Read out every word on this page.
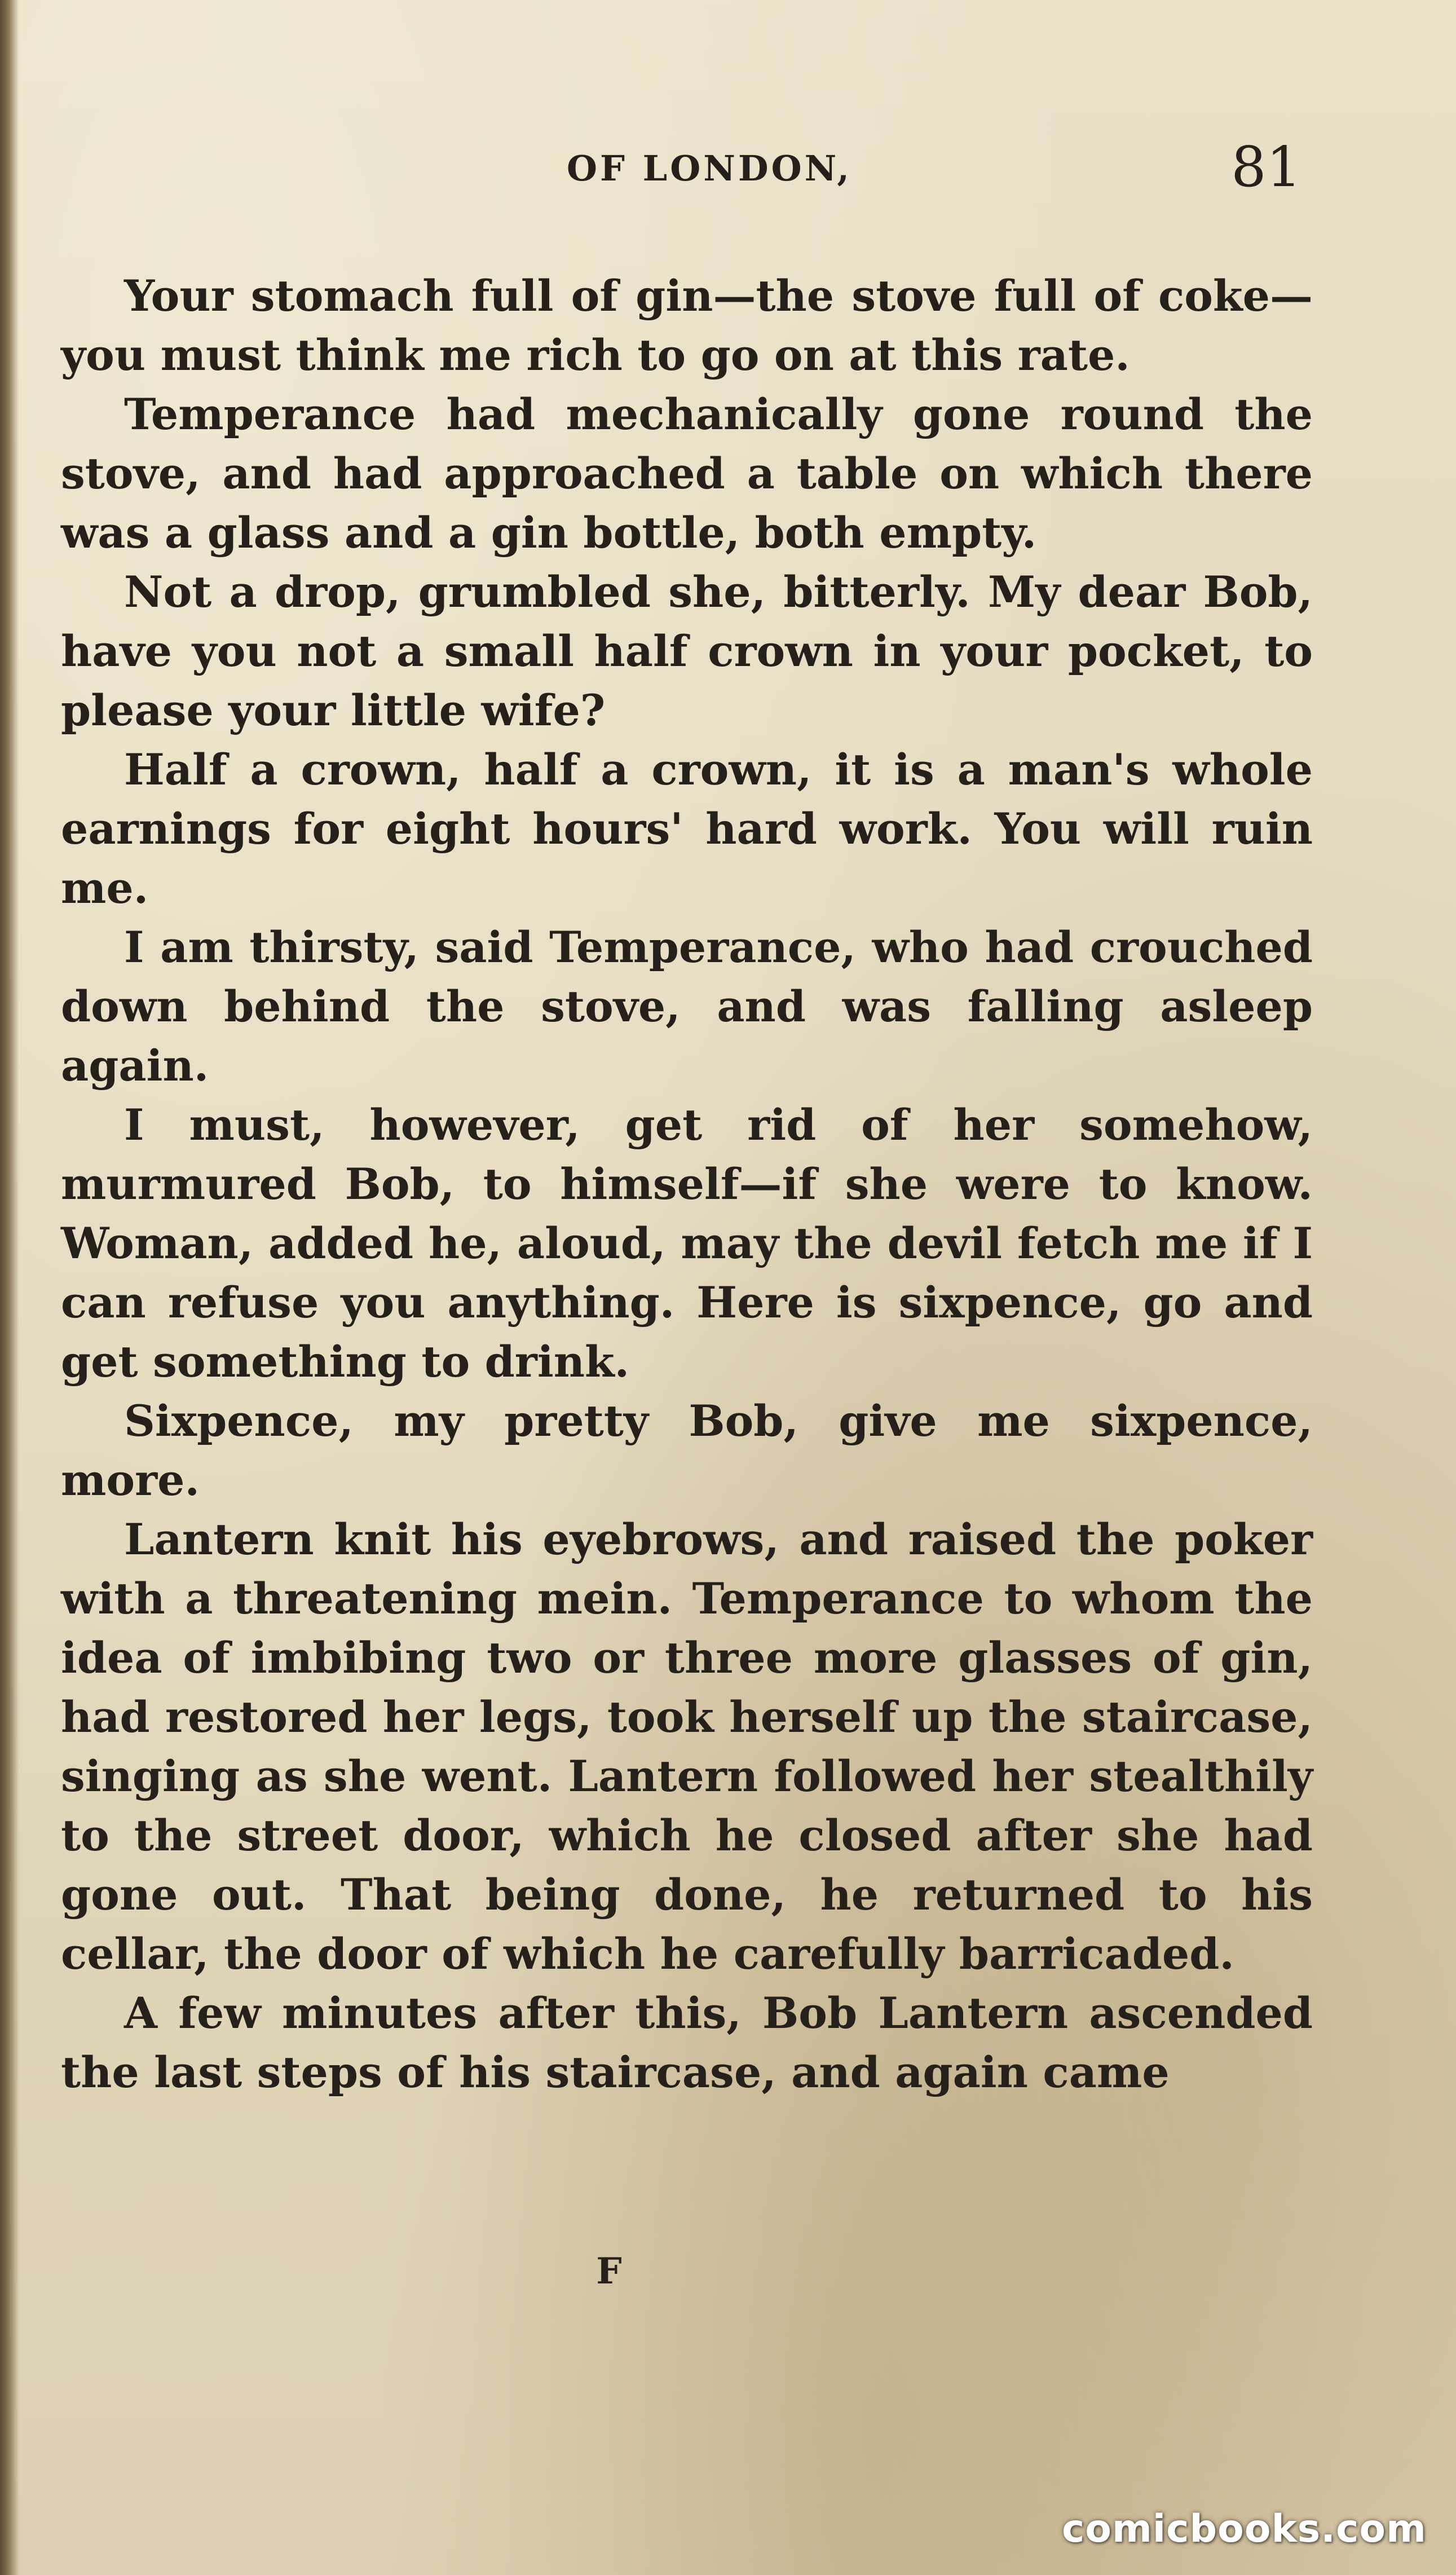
OF LONDON,	81

Your stomach full of gin—the stove full of coke—you must think me rich to go on at this rate.

Temperance had mechanically gone round the stove, and had approached a table on which there was a glass and a gin bottle, both empty.

Not a drop, grumbled she, bitterly. My dear Bob, have you not a small half crown in your pocket, to please your little wife?

Half a crown, half a crown, it is a man's whole earnings for eight hours' hard work. You will ruin me.

I am thirsty, said Temperance, who had crouched down behind the stove, and was falling asleep again.

I must, however, get rid of her somehow, murmured Bob, to himself—if she were to know. Woman, added he, aloud, may the devil fetch me if I can refuse you anything. Here is sixpence, go and get something to drink.

Sixpence, my pretty Bob, give me sixpence, more.

Lantern knit his eyebrows, and raised the poker with a threatening mein. Temperance to whom the idea of imbibing two or three more glasses of gin, had restored her legs, took herself up the staircase, singing as she went. Lantern followed her stealthily to the street door, which he closed after she had gone out. That being done, he returned to his cellar, the door of which he carefully barricaded.

A few minutes after this, Bob Lantern ascended the last steps of his staircase, and again came

F
comicbooks.com
